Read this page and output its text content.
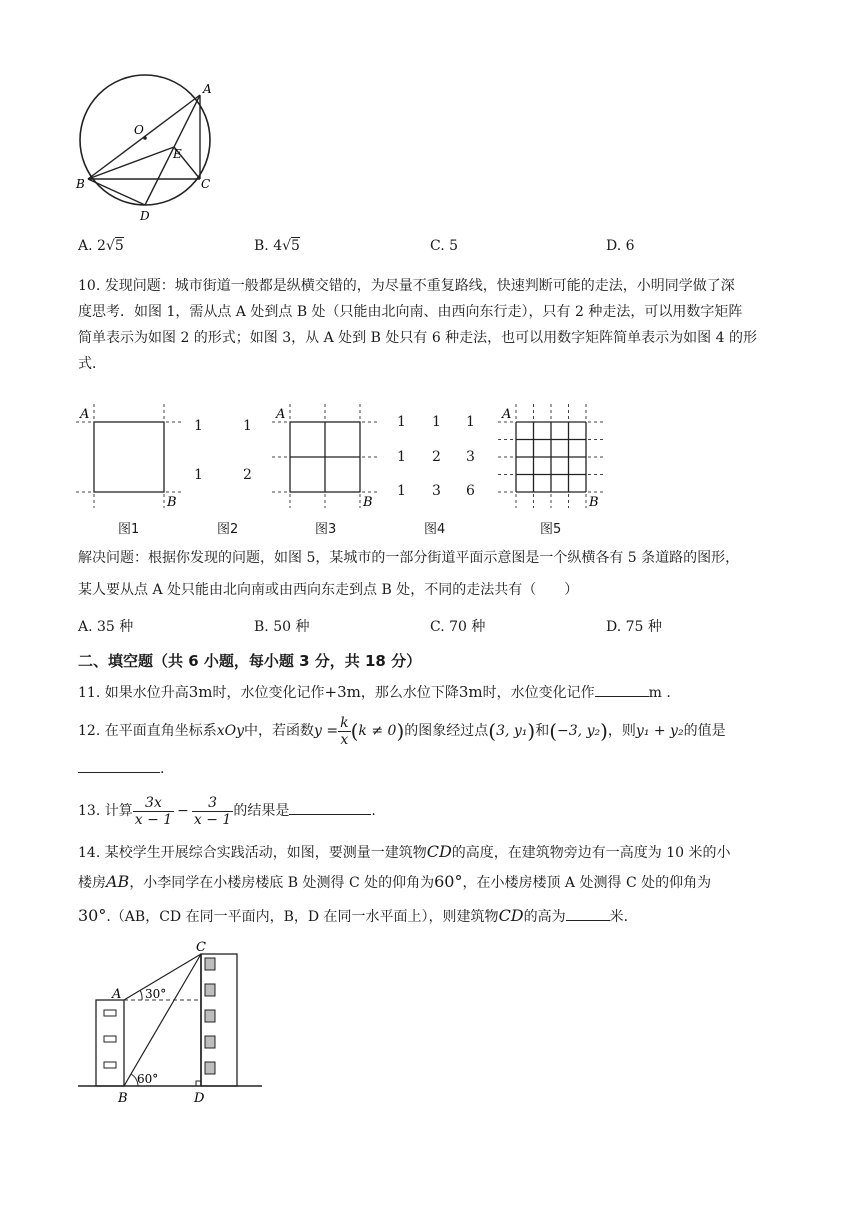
A
O
E
B	C
D
A. 2√5	B. 4√5	C. 5	D. 6
10. 发现问题：城市街道一般都是纵横交错的，为尽量不重复路线，快速判断可能的走法，小明同学做了深
度思考．如图 1，需从点 A 处到点 B 处（只能由北向南、由西向东行走），只有 2 种走法，可以用数字矩阵
简单表示为如图 2 的形式；如图 3，从 A 处到 B 处只有 6 种走法，也可以用数字矩阵简单表示为如图 4 的形
式．
A
B
1	1
1	2
A
B
1 1 1
1 2 3
1 3 6
A
B
图1	图2	图3	图4	图5
解决问题：根据你发现的问题，如图 5，某城市的一部分街道平面示意图是一个纵横各有 5 条道路的图形，
某人要从点 A 处只能由北向南或由西向东走到点 B 处，不同的走法共有（　　）
A. 35 种	B. 50 种	C. 70 种	D. 75 种
二、填空题（共 6 小题，每小题 3 分，共 18 分）
11. 如果水位升高3m时，水位变化记作+3m，那么水位下降3m时，水位变化记作	m .
12. 在平面直角坐标系xOy中，若函数$y = \frac{k}{x} (k \ne 0)$的图象经过点(3, y₁)和(−3, y₂)，则y₁ + y₂的值是
.
13. 计算 $\frac{3x}{x - 1} - \frac{3}{x - 1}$ 的结果是	.
14. 某校学生开展综合实践活动，如图，要测量一建筑物CD的高度，在建筑物旁边有一高度为 10 米的小
楼房AB，小李同学在小楼房楼底 B 处测得 C 处的仰角为60°，在小楼房楼顶 A 处测得 C 处的仰角为
30°.（AB，CD 在同一平面内，B，D 在同一水平面上），则建筑物CD的高为	米．
C
A 30°
60°
B	D
